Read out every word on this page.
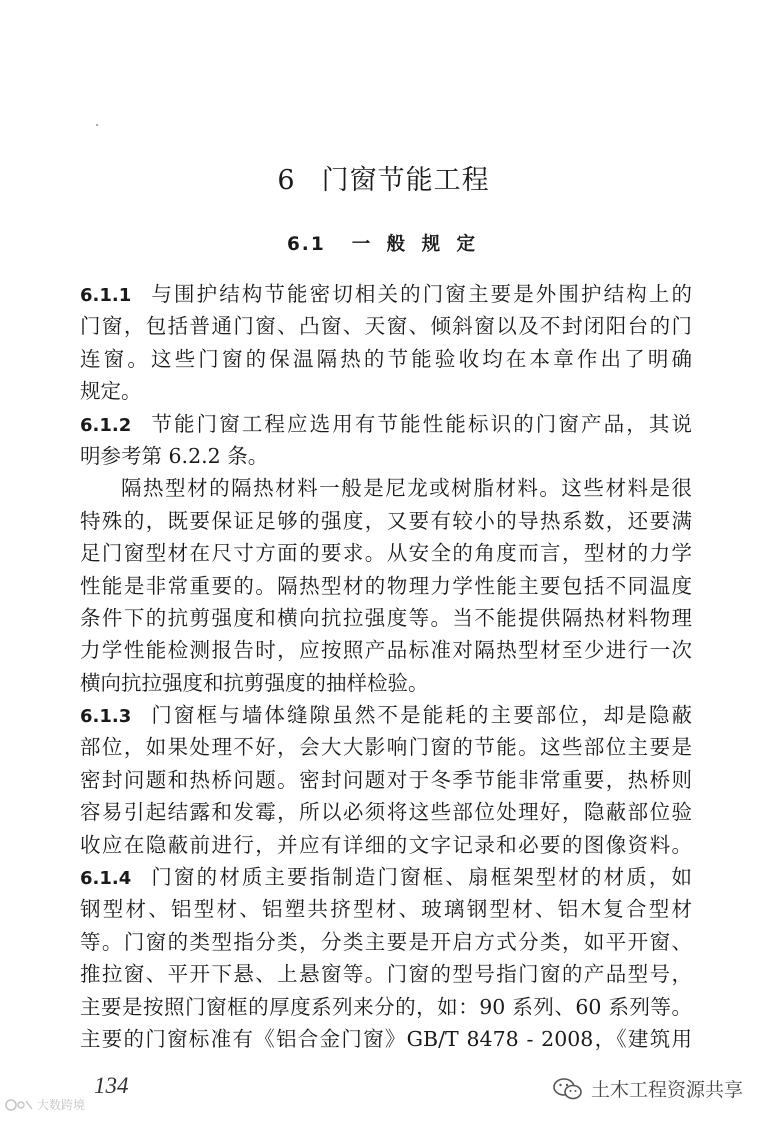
6 门窗节能工程
6.1 一 般 规 定
6.1.1 与围护结构节能密切相关的门窗主要是外围护结构上的
门窗，包括普通门窗、凸窗、天窗、倾斜窗以及不封闭阳台的门
连窗。这些门窗的保温隔热的节能验收均在本章作出了明确
规定。
6.1.2 节能门窗工程应选用有节能性能标识的门窗产品，其说
明参考第 6.2.2 条。
隔热型材的隔热材料一般是尼龙或树脂材料。这些材料是很
特殊的，既要保证足够的强度，又要有较小的导热系数，还要满
足门窗型材在尺寸方面的要求。从安全的角度而言，型材的力学
性能是非常重要的。隔热型材的物理力学性能主要包括不同温度
条件下的抗剪强度和横向抗拉强度等。当不能提供隔热材料物理
力学性能检测报告时，应按照产品标准对隔热型材至少进行一次
横向抗拉强度和抗剪强度的抽样检验。
6.1.3 门窗框与墙体缝隙虽然不是能耗的主要部位，却是隐蔽
部位，如果处理不好，会大大影响门窗的节能。这些部位主要是
密封问题和热桥问题。密封问题对于冬季节能非常重要，热桥则
容易引起结露和发霉，所以必须将这些部位处理好，隐蔽部位验
收应在隐蔽前进行，并应有详细的文字记录和必要的图像资料。
6.1.4 门窗的材质主要指制造门窗框、扇框架型材的材质，如
钢型材、铝型材、铝塑共挤型材、玻璃钢型材、铝木复合型材
等。门窗的类型指分类，分类主要是开启方式分类，如平开窗、
推拉窗、平开下悬、上悬窗等。门窗的型号指门窗的产品型号，
主要是按照门窗框的厚度系列来分的，如：90 系列、60 系列等。
主要的门窗标准有《铝合金门窗》GB/T 8478 - 2008，《建筑用
134
大数跨境
土木工程资源共享
